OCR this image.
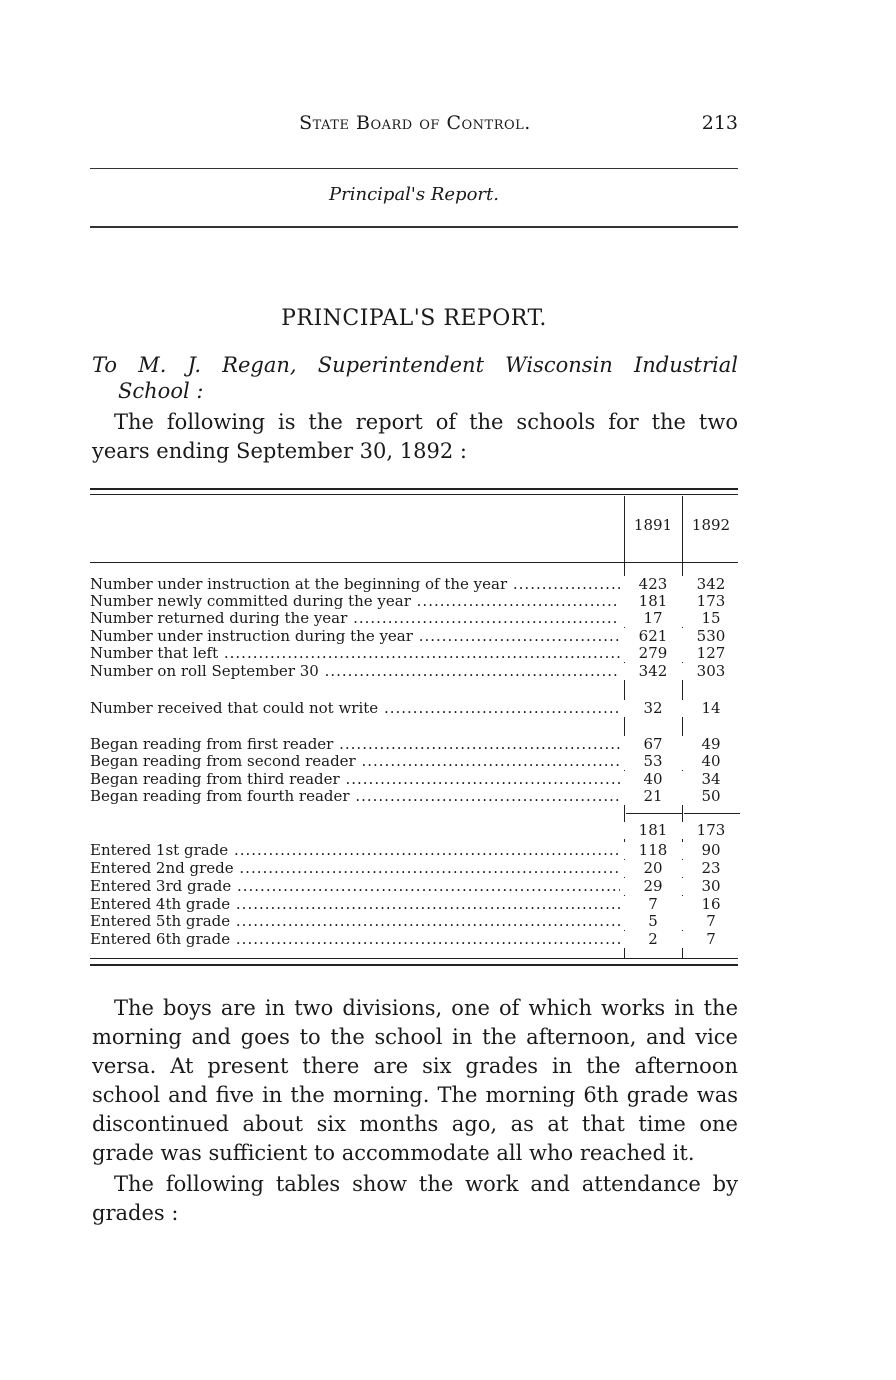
State Board of Control.	213
Principal's Report.
PRINCIPAL'S REPORT.
To M. J. Regan, Superintendent Wisconsin Industrial
School :
The following is the report of the schools for the two years ending September 30, 1892 :
1891	1892
Number under instruction at the beginning of the year .....	423	342
Number newly committed during the year .....	181	173
Number returned during the year .....	17	15
Number under instruction during the year .....	621	530
Number that left .....	279	127
Number on roll September 30 .....	342	303
Number received that could not write .....	32	14
Began reading from first reader .....	67	49
Began reading from second reader .....	53	40
Began reading from third reader .....	40	34
Began reading from fourth reader .....	21	50
181	173
Entered 1st grade .....	118	90
Entered 2nd grede .....	20	23
Entered 3rd grade .....	29	30
Entered 4th grade .....	7	16
Entered 5th grade .....	5	7
Entered 6th grade .....	2	7
The boys are in two divisions, one of which works in the morning and goes to the school in the afternoon, and vice versa. At present there are six grades in the afternoon school and five in the morning. The morning 6th grade was discontinued about six months ago, as at that time one grade was sufficient to accommodate all who reached it.
The following tables show the work and attendance by grades :
